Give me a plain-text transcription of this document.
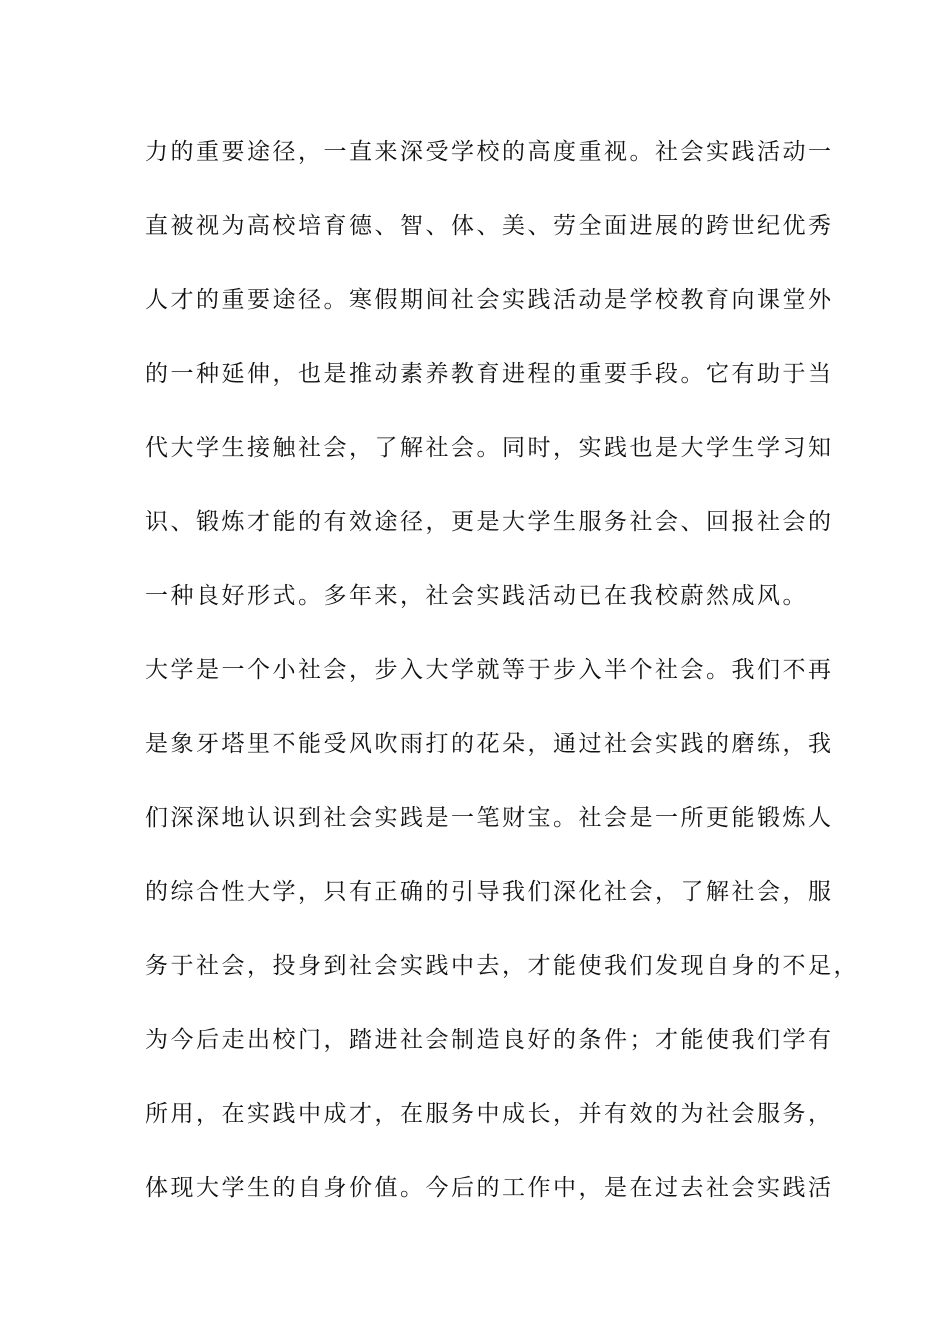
力的重要途径，一直来深受学校的高度重视。社会实践活动一
直被视为高校培育德、智、体、美、劳全面进展的跨世纪优秀
人才的重要途径。寒假期间社会实践活动是学校教育向课堂外
的一种延伸，也是推动素养教育进程的重要手段。它有助于当
代大学生接触社会，了解社会。同时，实践也是大学生学习知
识、锻炼才能的有效途径，更是大学生服务社会、回报社会的
一种良好形式。多年来，社会实践活动已在我校蔚然成风。
大学是一个小社会，步入大学就等于步入半个社会。我们不再
是象牙塔里不能受风吹雨打的花朵，通过社会实践的磨练，我
们深深地认识到社会实践是一笔财宝。社会是一所更能锻炼人
的综合性大学，只有正确的引导我们深化社会，了解社会，服
务于社会，投身到社会实践中去，才能使我们发现自身的不足，
为今后走出校门，踏进社会制造良好的条件；才能使我们学有
所用，在实践中成才，在服务中成长，并有效的为社会服务，
体现大学生的自身价值。今后的工作中，是在过去社会实践活
